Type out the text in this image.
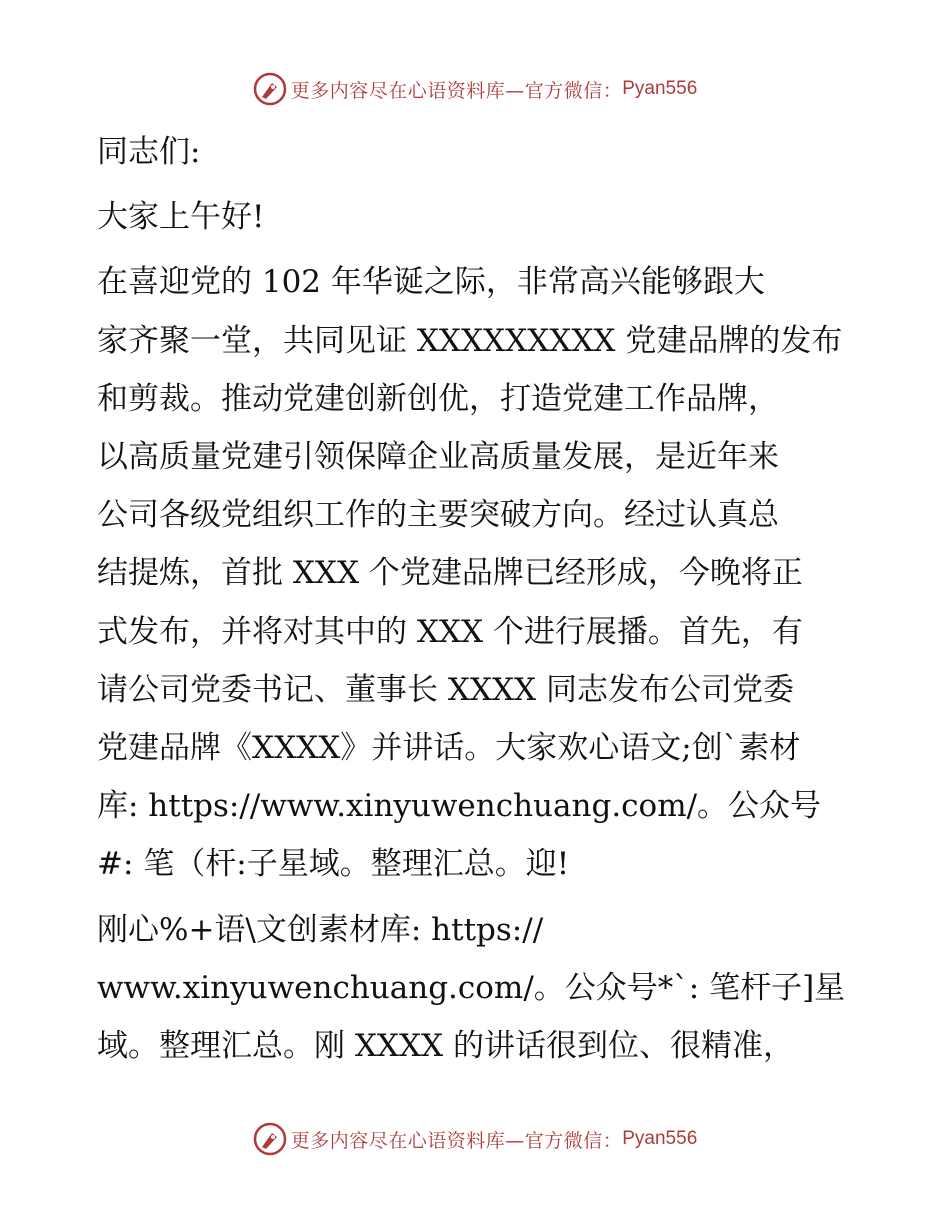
更多内容尽在心语资料库—官方微信： Pyan556

同志们:

大家上午好!

在喜迎党的 102 年华诞之际，非常高兴能够跟大

家齐聚一堂，共同见证 XXXXXXXXX 党建品牌的发布

和剪裁。推动党建创新创优，打造党建工作品牌，

以高质量党建引领保障企业高质量发展，是近年来

公司各级党组织工作的主要突破方向。经过认真总

结提炼，首批 XXX 个党建品牌已经形成，今晚将正

式发布，并将对其中的 XXX 个进行展播。首先，有

请公司党委书记、董事长 XXXX 同志发布公司党委

党建品牌《XXXX》并讲话。大家欢心语文;创`素材

库: https://www.xinyuwenchuang.com/。公众号

#: 笔（杆:子星域。整理汇总。迎!

刚心%+语\文创素材库: https://

www.xinyuwenchuang.com/。公众号*`: 笔杆子]星

域。整理汇总。刚 XXXX 的讲话很到位、很精准，

更多内容尽在心语资料库—官方微信： Pyan556
